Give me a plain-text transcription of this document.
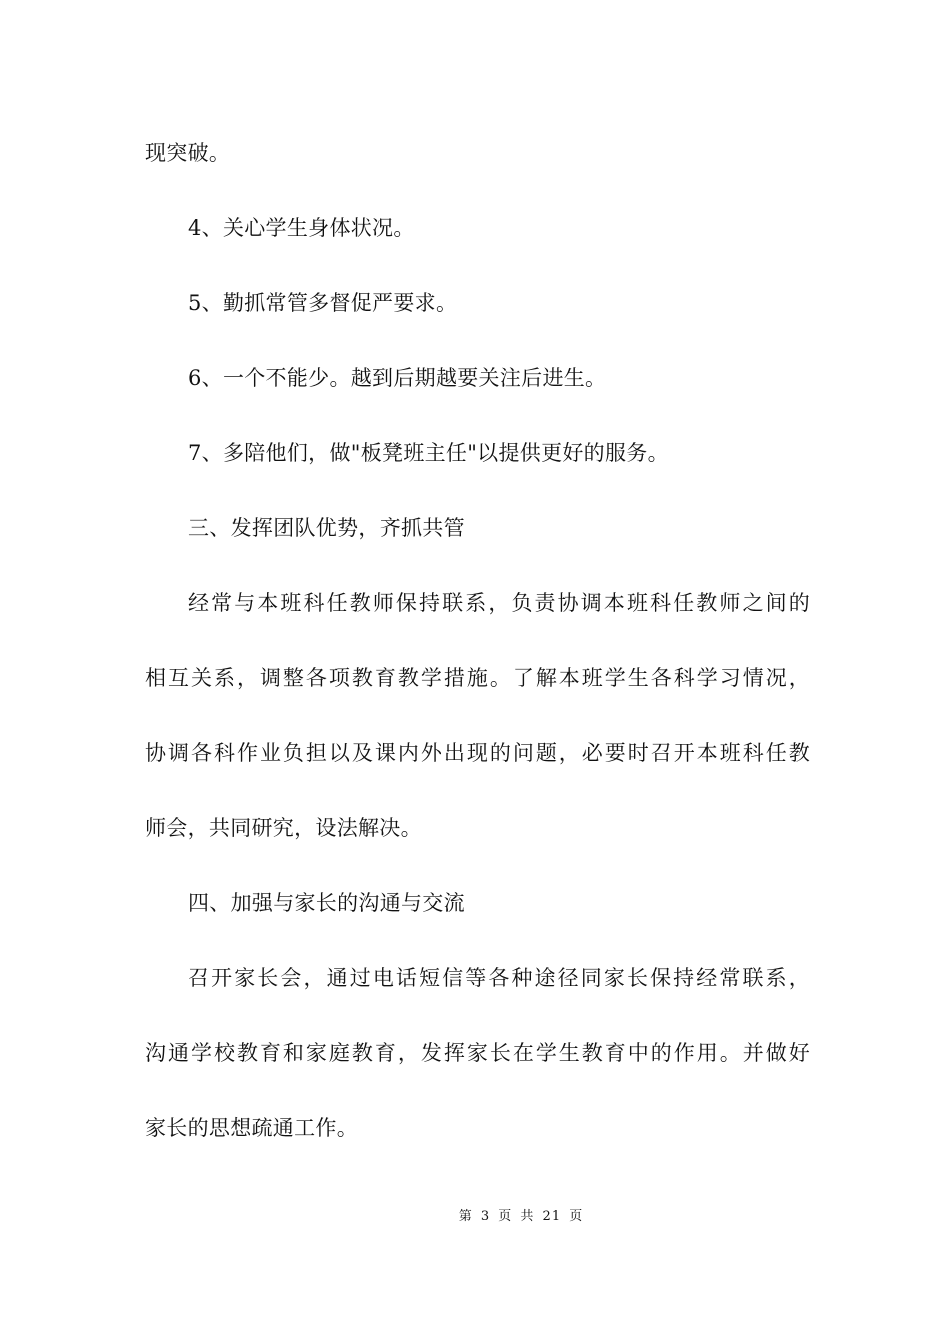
现突破。
4、关心学生身体状况。
5、勤抓常管多督促严要求。
6、一个不能少。越到后期越要关注后进生。
7、多陪他们，做"板凳班主任"以提供更好的服务。
三、发挥团队优势，齐抓共管
经常与本班科任教师保持联系，负责协调本班科任教师之间的
相互关系，调整各项教育教学措施。了解本班学生各科学习情况，
协调各科作业负担以及课内外出现的问题，必要时召开本班科任教
师会，共同研究，设法解决。
四、加强与家长的沟通与交流
召开家长会，通过电话短信等各种途径同家长保持经常联系，
沟通学校教育和家庭教育，发挥家长在学生教育中的作用。并做好
家长的思想疏通工作。
第 3 页 共 21 页
